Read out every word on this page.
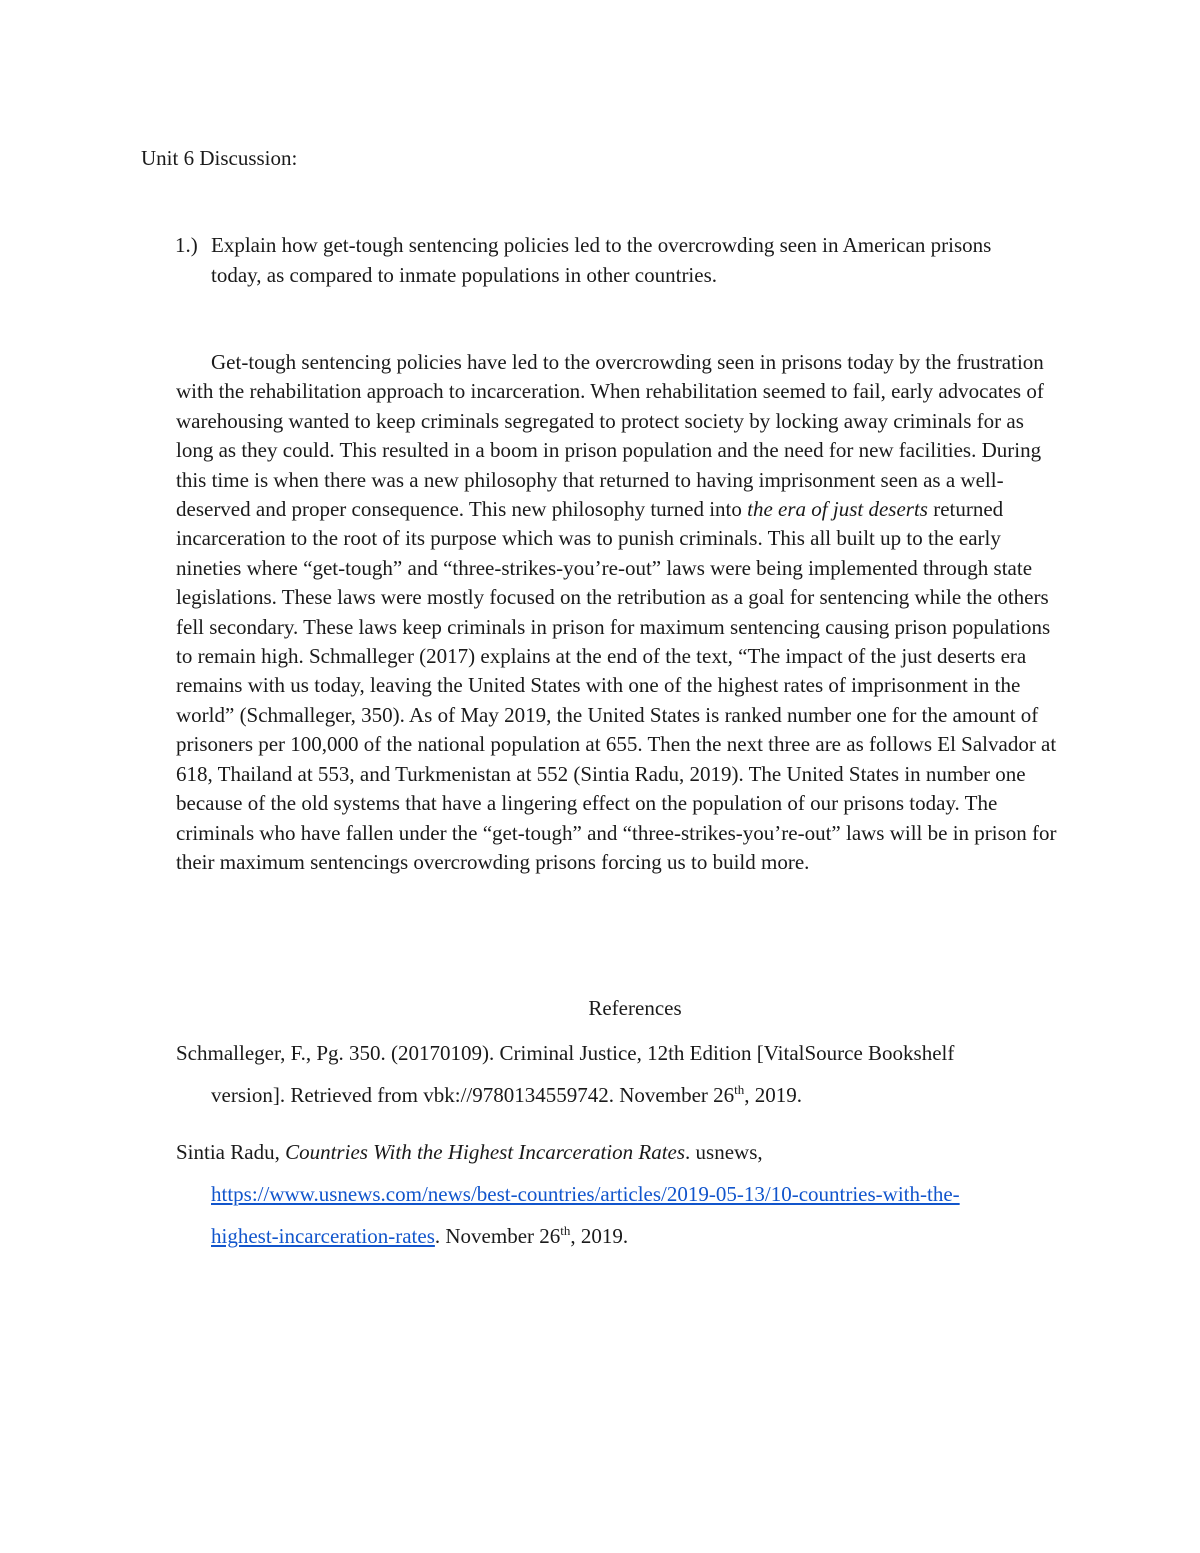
Unit 6 Discussion:
1.) Explain how get-tough sentencing policies led to the overcrowding seen in American prisons today, as compared to inmate populations in other countries.

Get-tough sentencing policies have led to the overcrowding seen in prisons today by the frustration with the rehabilitation approach to incarceration. When rehabilitation seemed to fail, early advocates of warehousing wanted to keep criminals segregated to protect society by locking away criminals for as long as they could. This resulted in a boom in prison population and the need for new facilities. During this time is when there was a new philosophy that returned to having imprisonment seen as a well-deserved and proper consequence. This new philosophy turned into the era of just deserts returned incarceration to the root of its purpose which was to punish criminals. This all built up to the early nineties where “get-tough” and “three-strikes-you’re-out” laws were being implemented through state legislations. These laws were mostly focused on the retribution as a goal for sentencing while the others fell secondary. These laws keep criminals in prison for maximum sentencing causing prison populations to remain high. Schmalleger (2017) explains at the end of the text, “The impact of the just deserts era remains with us today, leaving the United States with one of the highest rates of imprisonment in the world” (Schmalleger, 350). As of May 2019, the United States is ranked number one for the amount of prisoners per 100,000 of the national population at 655. Then the next three are as follows El Salvador at 618, Thailand at 553, and Turkmenistan at 552 (Sintia Radu, 2019). The United States in number one because of the old systems that have a lingering effect on the population of our prisons today. The criminals who have fallen under the “get-tough” and “three-strikes-you’re-out” laws will be in prison for their maximum sentencings overcrowding prisons forcing us to build more.

References
Schmalleger, F., Pg. 350. (20170109). Criminal Justice, 12th Edition [VitalSource Bookshelf
version]. Retrieved from vbk://9780134559742. November 26th, 2019.
Sintia Radu, Countries With the Highest Incarceration Rates. usnews,
https://www.usnews.com/news/best-countries/articles/2019-05-13/10-countries-with-the-
highest-incarceration-rates. November 26th, 2019.
